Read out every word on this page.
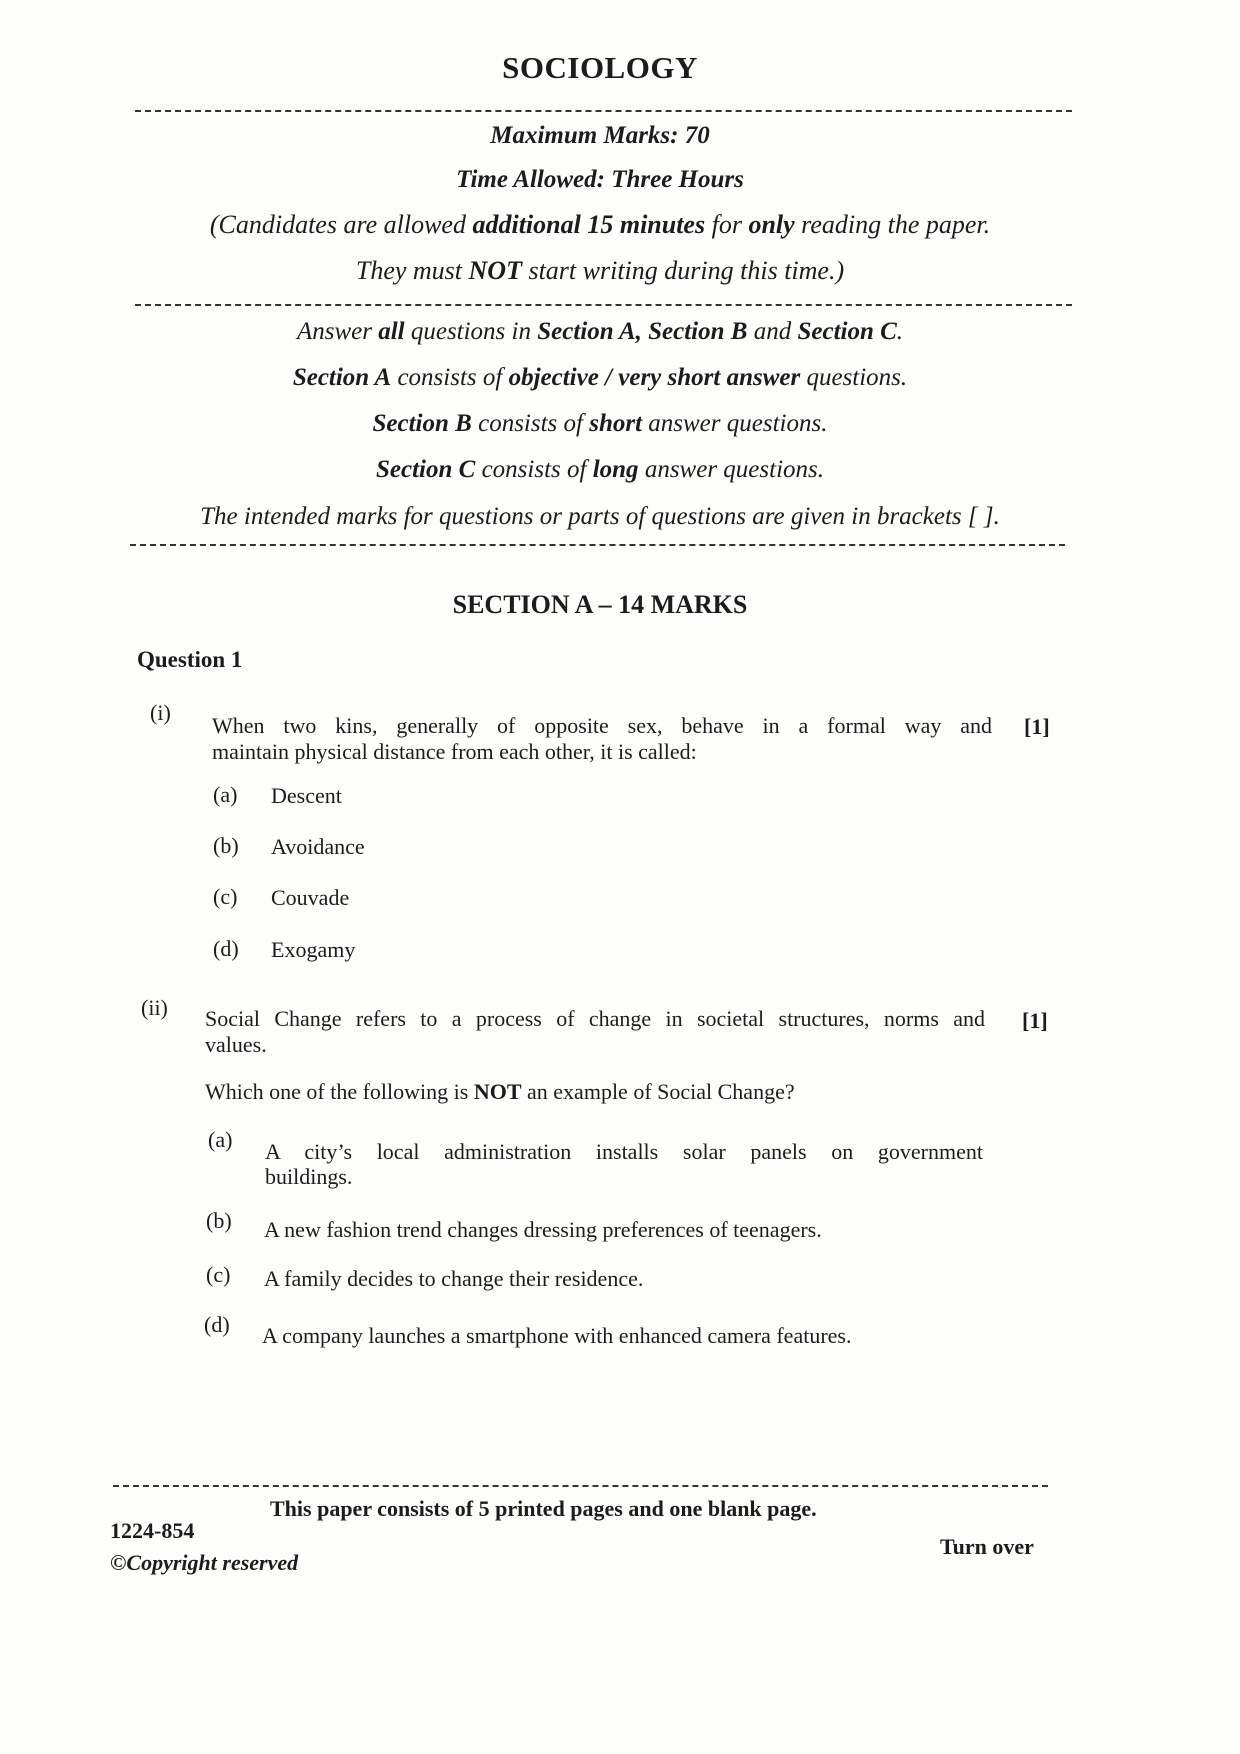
SOCIOLOGY
Maximum Marks: 70
Time Allowed: Three Hours
(Candidates are allowed additional 15 minutes for only reading the paper.
They must NOT start writing during this time.)
Answer all questions in Section A, Section B and Section C.
Section A consists of objective / very short answer questions.
Section B consists of short answer questions.
Section C consists of long answer questions.
The intended marks for questions or parts of questions are given in brackets [ ].
SECTION A – 14 MARKS
Question 1
(i)
When two kins, generally of opposite sex, behave in a formal way and
maintain physical distance from each other, it is called:
[1]
(a) Descent
(b) Avoidance
(c) Couvade
(d) Exogamy
(ii) Social Change refers to a process of change in societal structures, norms and
values.
[1]
Which one of the following is NOT an example of Social Change?
(a) A city’s local administration installs solar panels on government
buildings.
(b) A new fashion trend changes dressing preferences of teenagers.
(c) A family decides to change their residence.
(d) A company launches a smartphone with enhanced camera features.
This paper consists of 5 printed pages and one blank page.
1224-854
©Copyright reserved
Turn over
